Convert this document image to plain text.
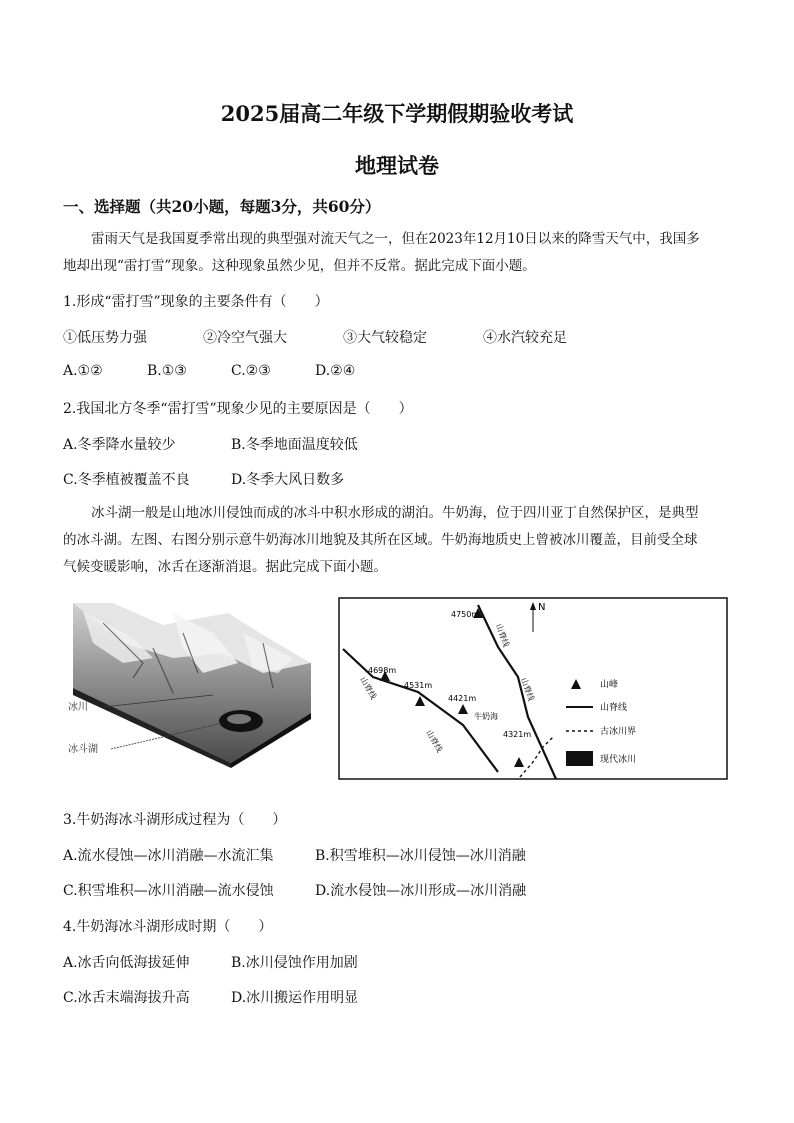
2025届高二年级下学期假期验收考试
地理试卷
一、选择题（共20小题，每题3分，共60分）
雷雨天气是我国夏季常出现的典型强对流天气之一，但在2023年12月10日以来的降雪天气中，我国多
地却出现“雷打雪”现象。这种现象虽然少见，但并不反常。据此完成下面小题。
1.形成“雷打雪”现象的主要条件有（　　）
①低压势力强	②冷空气强大	③大气较稳定	④水汽较充足
A.①②	B.①③	C.②③	D.②④
2.我国北方冬季“雷打雪”现象少见的主要原因是（　　）
A.冬季降水量较少	B.冬季地面温度较低
C.冬季植被覆盖不良	D.冬季大风日数多
冰斗湖一般是山地冰川侵蚀而成的冰斗中积水形成的湖泊。牛奶海，位于四川亚丁自然保护区，是典型
的冰斗湖。左图、右图分别示意牛奶海冰川地貌及其所在区域。牛奶海地质史上曾被冰川覆盖，目前受全球
气候变暖影响，冰舌在逐渐消退。据此完成下面小题。
冰川
冰斗湖
N
4750m
4698m
4531m
4421m
4321m
牛奶海
山脊线
山脊线	山脊线
山脊线
山峰
山脊线
古冰川界
现代冰川
3.牛奶海冰斗湖形成过程为（　　）
A.流水侵蚀—冰川消融—水流汇集	B.积雪堆积—冰川侵蚀—冰川消融
C.积雪堆积—冰川消融—流水侵蚀	D.流水侵蚀—冰川形成—冰川消融
4.牛奶海冰斗湖形成时期（　　）
A.冰舌向低海拔延伸	B.冰川侵蚀作用加剧
C.冰舌末端海拔升高	D.冰川搬运作用明显
